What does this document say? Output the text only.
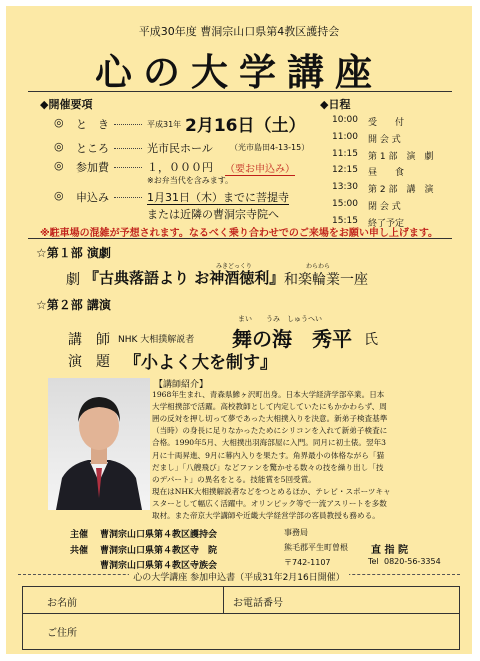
平成30年度 曹洞宗山口県第4教区護持会
心の大学講座
◆開催要項
◎ と　き	平成31年 2月16日（土）
◎ ところ	光市民ホール （光市島田4-13-15）
◎ 参加費	１，０００円 （要お申込み）
※お弁当代を含みます。
◎ 申込み	1月31日（木）までに菩提寺
または近隣の曹洞宗寺院へ
◆日程
10:00 受　　付
11:00 開 会 式
11:15 第 1 部　演　劇
12:15 昼　　食
13:30 第 2 部　講　演
15:00 閉 会 式
15:15 終了予定
※駐車場の混雑が予想されます。なるべく乗り合わせでのご来場をお願い申し上げます。
☆第１部 演劇
みきどっくり	わらわら
劇 『古典落語より お神酒徳利』 和楽輪業一座
☆第２部 講演
まい　　うみ　しゅうへい
講　師 NHK 大相撲解説者 舞の海　秀平 氏
演　題 『小よく大を制す』
【講師紹介】
1968年生まれ、青森県鰺ヶ沢町出身。日本大学経済学部卒業。日本
大学相撲部で活躍。高校教師として内定していたにもかかわらず、周
囲の反対を押し切って夢であった大相撲入りを決意。新弟子検査基準
（当時）の身長に足りなかったためにシリコンを入れて新弟子検査に
合格。1990年5月、大相撲出羽海部屋に入門。同月に初土俵。翌年3
月に十両昇進、9月に幕内入りを果たす。角界最小の体格ながら「猫
だまし」「八艘飛び」などファンを驚かせる数々の技を繰り出し「技
のデパート」の異名をとる。技能賞を5回受賞。
現在はNHK大相撲解説者などをつとめるほか、テレビ・スポーツキャ
スターとして幅広く活躍中。オリンピック等で一流アスリートを多数
取材。また帝京大学講師や近畿大学経営学部の客員教授も務める。
主催 曹洞宗山口県第４教区護持会
共催 曹洞宗山口県第４教区寺　院
曹洞宗山口県第４教区寺族会
事務局
熊毛郡平生町曽根 直 指 院
〒742-1107	Tel 0820-56-3354
心の大学講座 参加申込書（平成31年2月16日開催）
お名前	お電話番号
ご住所
